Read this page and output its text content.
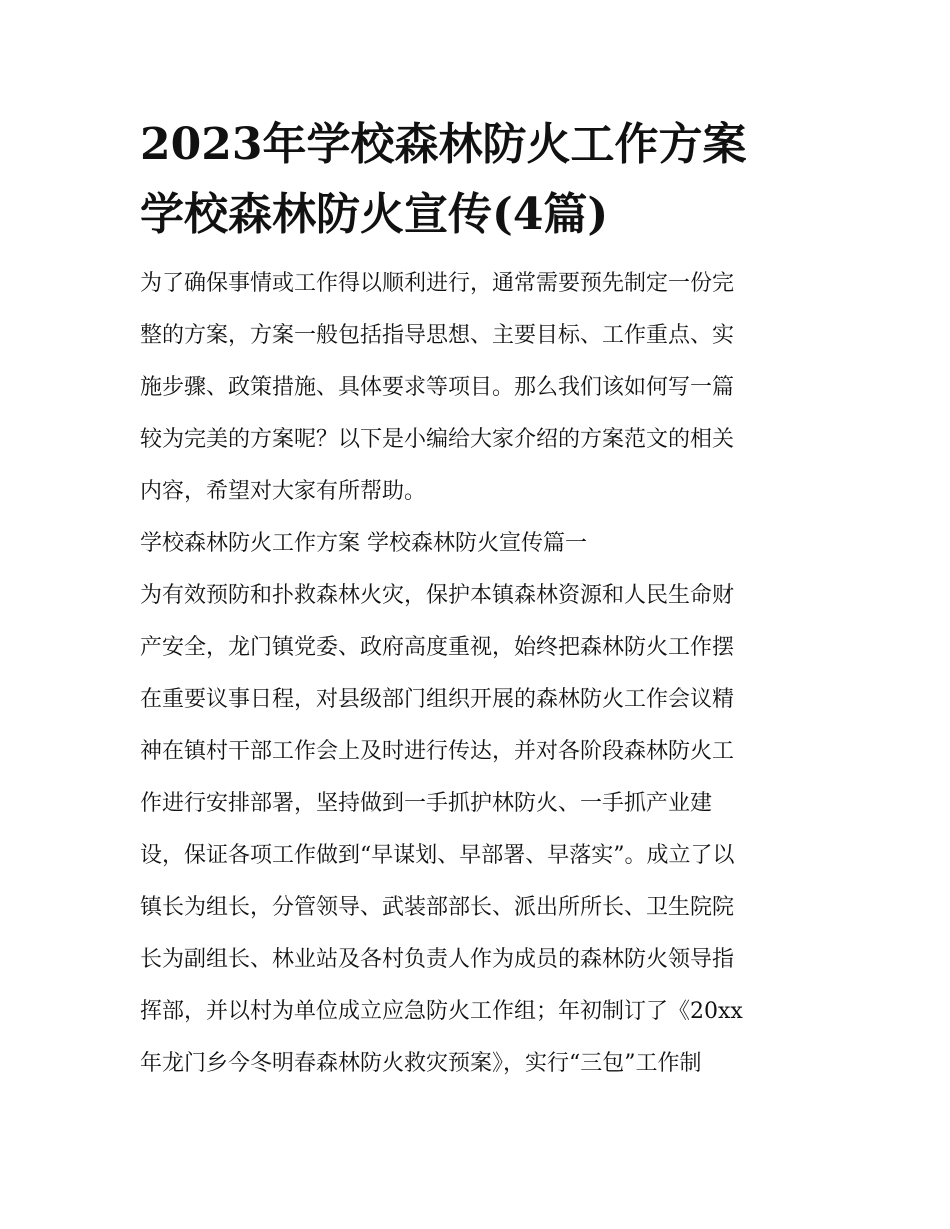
2023年学校森林防火工作方案
学校森林防火宣传(4篇)

为了确保事情或工作得以顺利进行，通常需要预先制定一份完
整的方案，方案一般包括指导思想、主要目标、工作重点、实
施步骤、政策措施、具体要求等项目。那么我们该如何写一篇
较为完美的方案呢？以下是小编给大家介绍的方案范文的相关
内容，希望对大家有所帮助。

学校森林防火工作方案 学校森林防火宣传篇一

为有效预防和扑救森林火灾，保护本镇森林资源和人民生命财
产安全，龙门镇党委、政府高度重视，始终把森林防火工作摆
在重要议事日程，对县级部门组织开展的森林防火工作会议精
神在镇村干部工作会上及时进行传达，并对各阶段森林防火工
作进行安排部署，坚持做到一手抓护林防火、一手抓产业建
设，保证各项工作做到“早谋划、早部署、早落实”。成立了以
镇长为组长，分管领导、武装部部长、派出所所长、卫生院院
长为副组长、林业站及各村负责人作为成员的森林防火领导指
挥部，并以村为单位成立应急防火工作组；年初制订了《20xx
年龙门乡今冬明春森林防火救灾预案》，实行“三包”工作制
